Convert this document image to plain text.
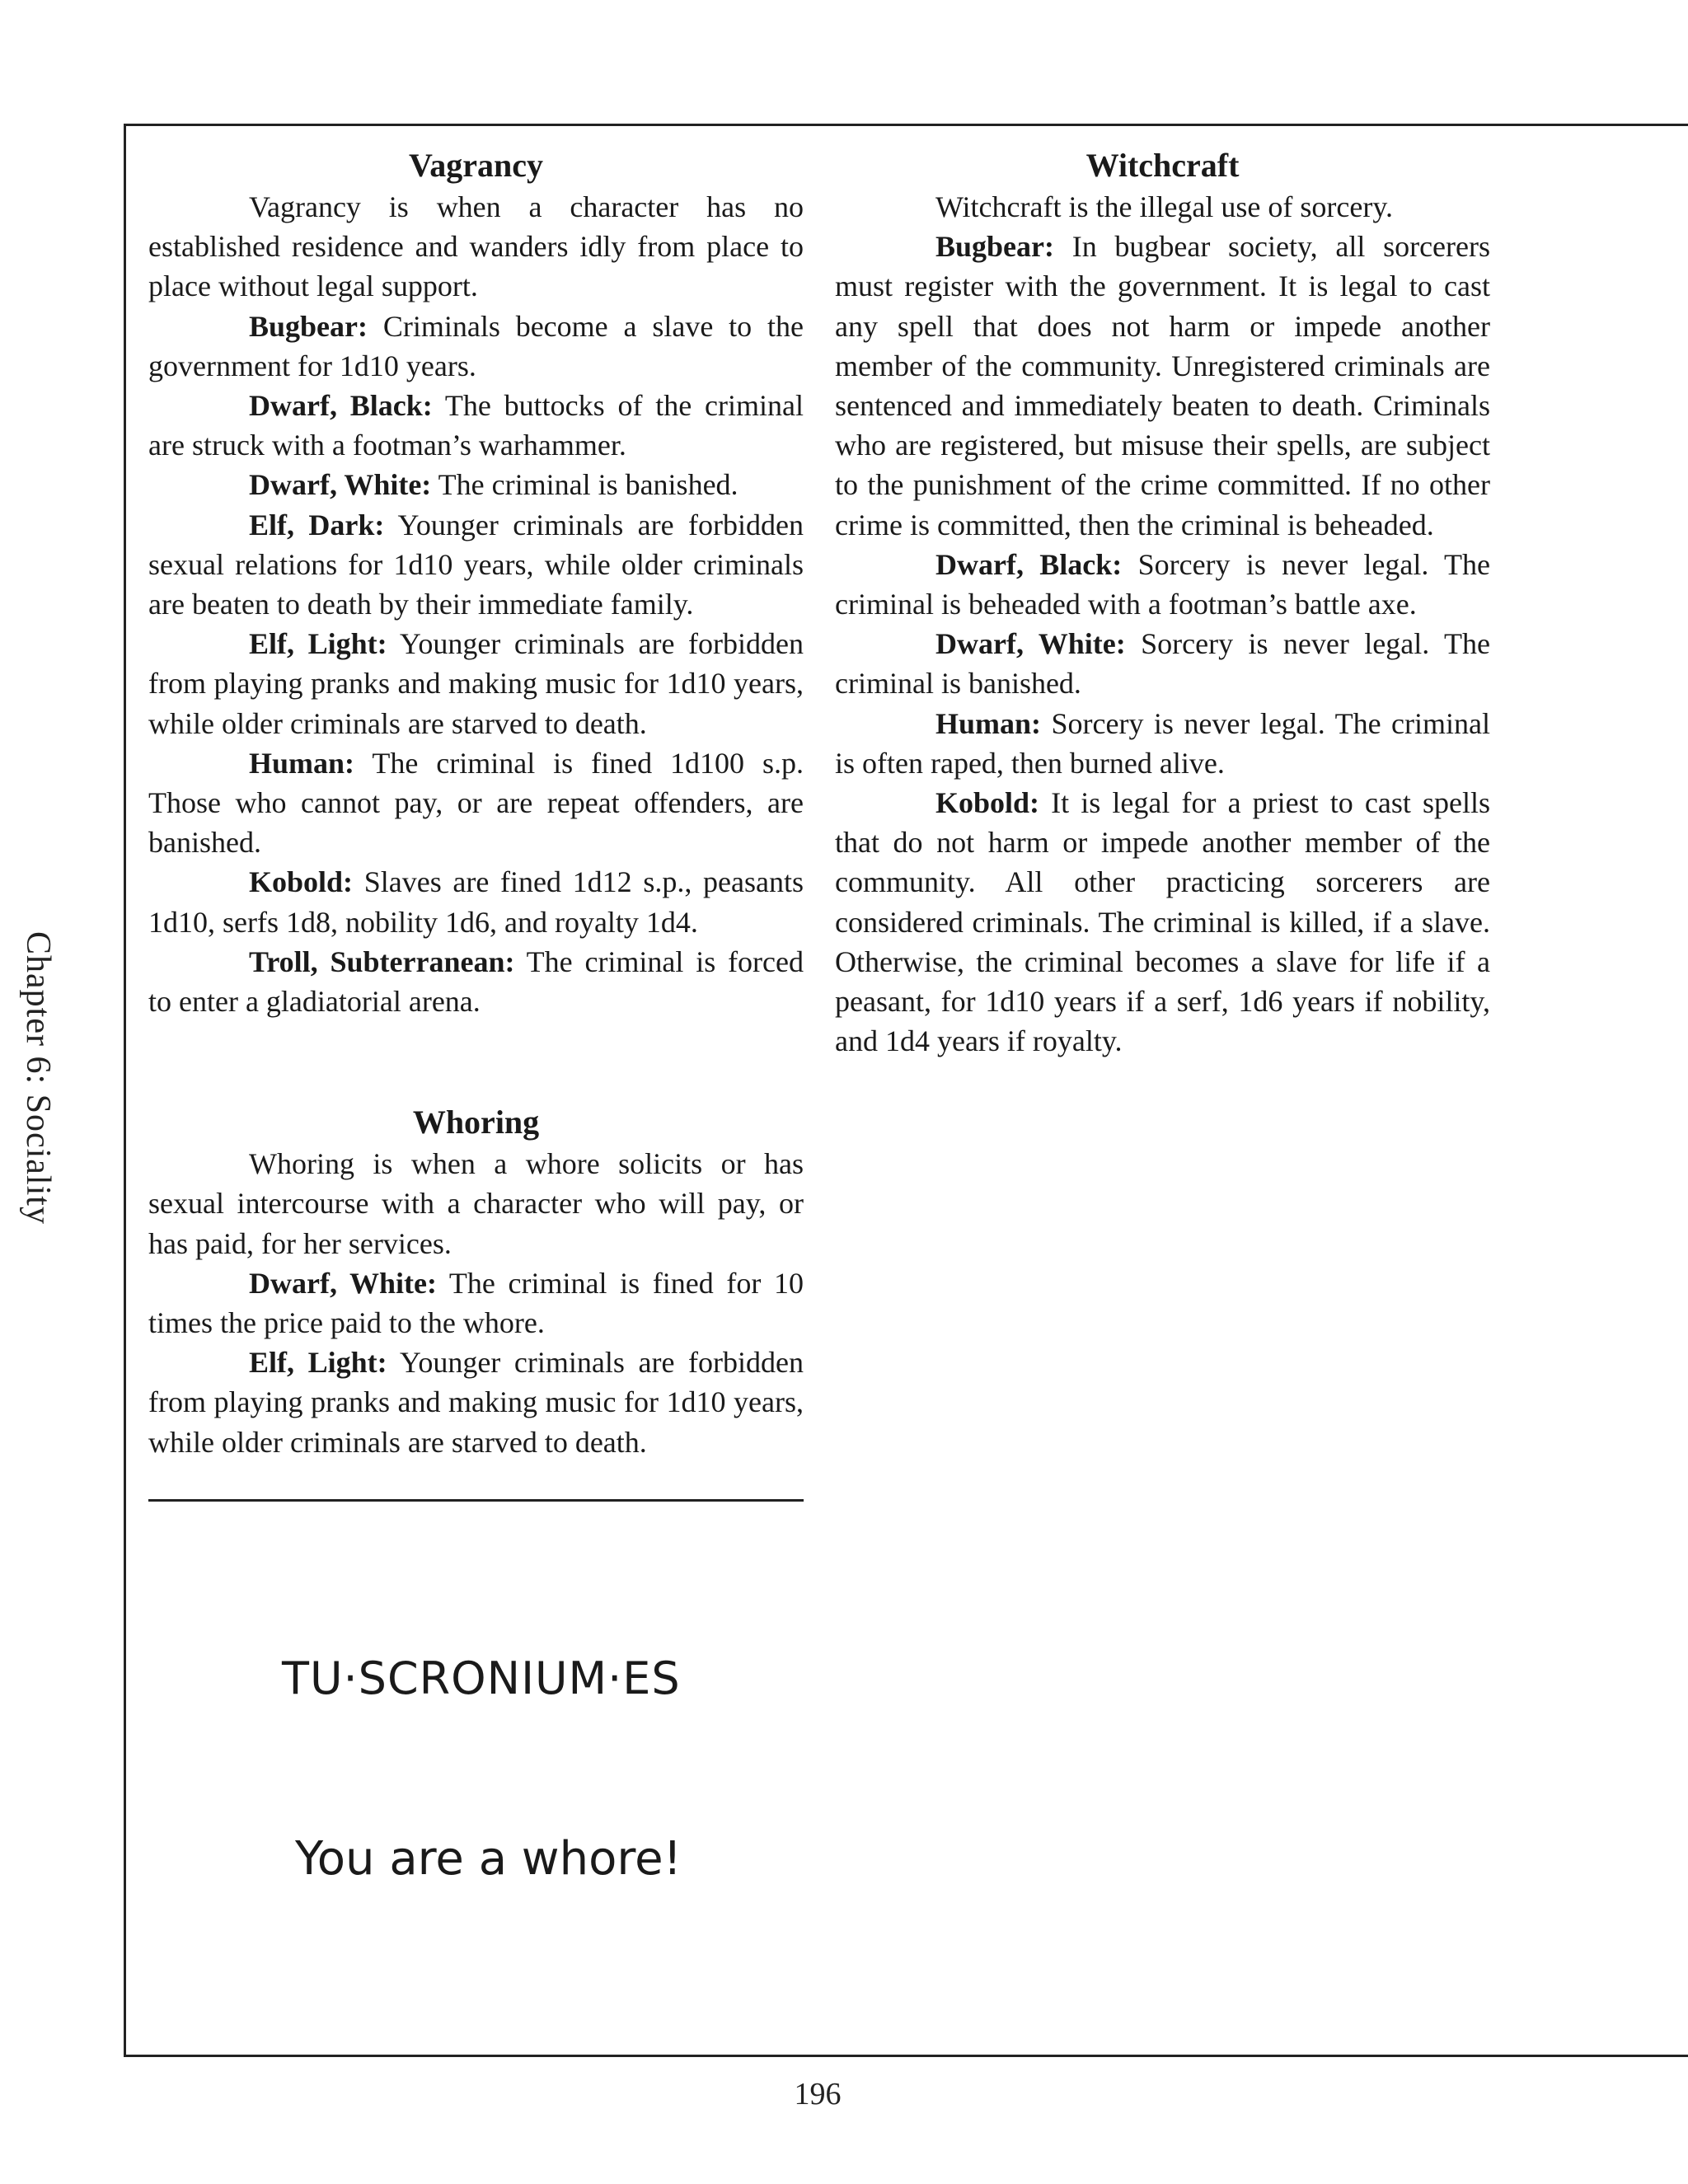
Chapter 6: Sociality
Vagrancy

Vagrancy is when a character has no established residence and wanders idly from place to place without legal support.

Bugbear: Criminals become a slave to the government for 1d10 years.

Dwarf, Black: The buttocks of the criminal are struck with a footman’s warhammer.

Dwarf, White: The criminal is banished.

Elf, Dark: Younger criminals are forbidden sexual relations for 1d10 years, while older criminals are beaten to death by their immediate family.

Elf, Light: Younger criminals are forbidden from playing pranks and making music for 1d10 years, while older criminals are starved to death.

Human: The criminal is fined 1d100 s.p. Those who cannot pay, or are repeat offenders, are banished.

Kobold: Slaves are fined 1d12 s.p., peasants 1d10, serfs 1d8, nobility 1d6, and royalty 1d4.

Troll, Subterranean: The criminal is forced to enter a gladiatorial arena.

Whoring

Whoring is when a whore solicits or has sexual intercourse with a character who will pay, or has paid, for her services.

Dwarf, White: The criminal is fined for 10 times the price paid to the whore.

Elf, Light: Younger criminals are forbidden from playing pranks and making music for 1d10 years, while older criminals are starved to death.

Witchcraft

Witchcraft is the illegal use of sorcery.

Bugbear: In bugbear society, all sorcerers must register with the government. It is legal to cast any spell that does not harm or impede another member of the community. Unregistered criminals are sentenced and immediately beaten to death. Criminals who are registered, but misuse their spells, are subject to the punishment of the crime committed. If no other crime is committed, then the criminal is beheaded.

Dwarf, Black: Sorcery is never legal. The criminal is beheaded with a footman’s battle axe.

Dwarf, White: Sorcery is never legal. The criminal is banished.

Human: Sorcery is never legal. The criminal is often raped, then burned alive.

Kobold: It is legal for a priest to cast spells that do not harm or impede another member of the community. All other practicing sorcerers are considered criminals. The criminal is killed, if a slave. Otherwise, the criminal becomes a slave for life if a peasant, for 1d10 years if a serf, 1d6 years if nobility, and 1d4 years if royalty.

TU·SCRONIUM·ES
You are a whore!
196
